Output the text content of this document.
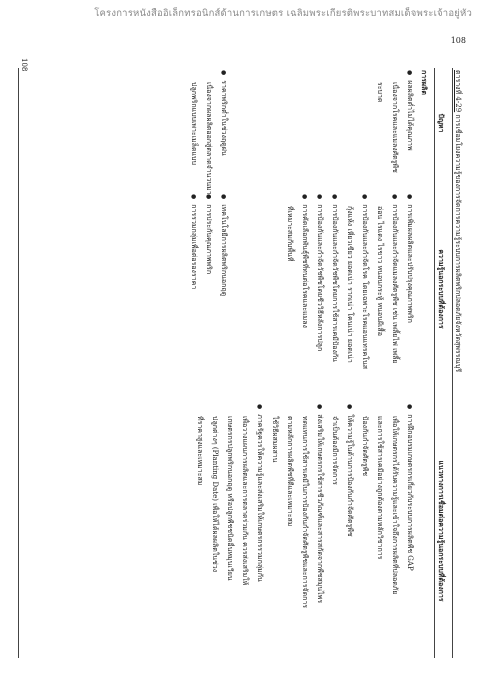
โครงการหนังสืออิเล็กทรอนิกส์ด้านการเกษตร เฉลิมพระเกียรติพระบาทสมเด็จพระเจ้าอยู่หัว
108
108
ตารางที่ 4-29 การเชื่อมโยงความรู้ของการจัดการความรู้ระบบการผลิตพริกปลอดภัยจังหวัดสุพรรณบุรี
ปัญหา
ความรู้นอกระบบที่ต้องการ
แนวทางการเชื่อมต่อความรู้นอกระบบที่ต้องการ
การผลิต
● ผลผลิตต่ำไม่ได้คุณภาพ
เนื่องจากโรคและแมลงศัตรูพืช
ระบาด
● ราคาพริกต่ำในช่วงฤดูฝน
เนื่องจากผลผลิตออกสู่ตลาดจำนวนมาก
ปลูกพริกแบบเพาะเมล็ดแบบ
● การเพิ่มผลผลิตและปรับปรุงคุณภาพพริก
● การป้องกันและกำจัดแมลงศัตรูพืช เช่น เพลี้ยไฟ เพลี้ย
อ่อน ไรแดง ไรขาว หนอนกระทู้ หนอนผีเสื้อ
● การป้องกันและกำจัดโรค โดยเฉพาะโรคแอนแทรคโนส
กุ้งแห้ง เหี่ยวเขียว ยอดเน่า รากเน่า โคนเน่า ยอดเน่า
● การป้องกันและกำจัดวัชพืชโดยการใช้สารเคมีป้องกัน
● การป้องกันและกำจัดวัชพืชโดยชีววิธีหลังการปลูก
● การคัดเลือกพันธุ์พืชที่ทนต่อโรคและแมลง
ที่เหมาะสมกับพื้นที่
● เทคโนโลยีการผลิตพริกนอกฤดู
● การประกันคุณภาพพริก
● การรวมกลุ่มเพื่อต่อรองราคา
● การฝึกอบรมเกษตรกรเกี่ยวกับระบบการผลิตพืช GAP
เพื่อให้เกษตรกรได้รับความรู้และเข้าใจถึงการผลิตที่ปลอดภัย
และการใช้สารเคมีอย่างถูกต้องตามหลักวิชาการ
ป้องกันกำจัดศัตรูพืช
● ให้ความรู้ในด้านการป้องกันกำจัดศัตรูพืช
จำเป็นต้องมีการจัดการ
● ส่งเสริมให้เกษตรกรใช้สารชีวภัณฑ์และสารสกัดจากพืชสมุนไพร
ทดแทนการใช้สารเคมีในการป้องกันกำจัดศัตรูพืชและการจัดการ
ตามหลักการผลิตพืชที่ดีและเหมาะสม
ใช้วิธีผสมผสาน
● ภาครัฐควรให้ความรู้และส่งเสริมให้เกษตรกรรวมกลุ่มกัน
เพื่อวางแผนการผลิตและการตลาดร่วมกัน ควรส่งเสริมให้
เกษตรกรปลูกพริกนอกฤดู หรือปลูกพืชชนิดอื่นหมุนเวียน
ปลูกต่างๆ (Planting Date) เพื่อให้ได้ผลผลิตในช่วง
ที่ราคาสูงและเหมาะสม
